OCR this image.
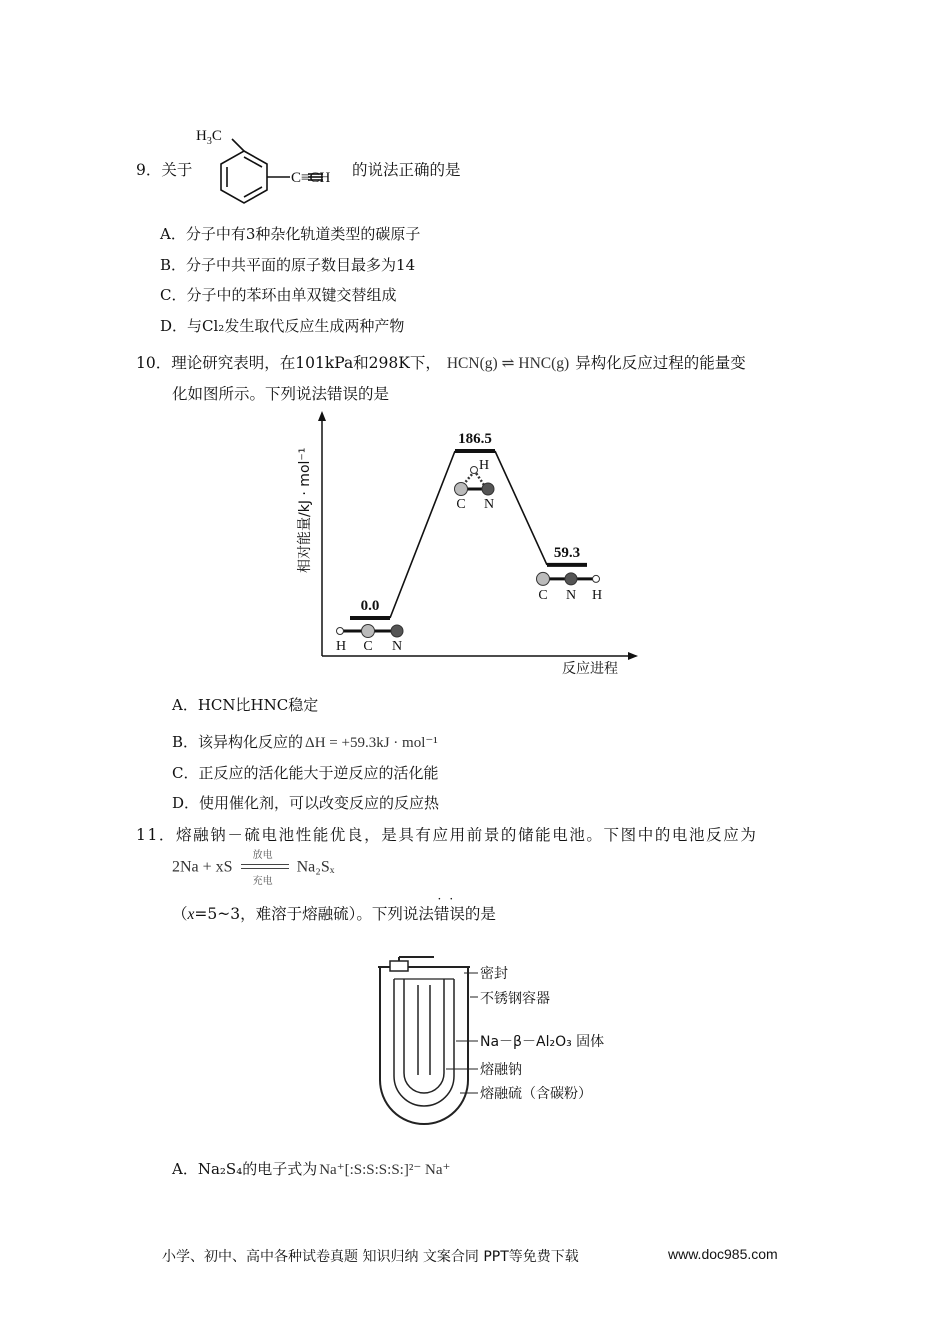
9．关于
$H_3C$
C≡CH 的说法正确的是
A．分子中有3种杂化轨道类型的碳原子
B．分子中共平面的原子数目最多为14
C．分子中的苯环由单双键交替组成
D．与Cl₂发生取代反应生成两种产物
10．理论研究表明，在101kPa和298K下， HCN(g) ⇌ HNC(g) 异构化反应过程的能量变
化如图所示。下列说法错误的是
相对能量/kJ · mol⁻¹
反应进程
0.0
186.5
59.3
H C N
H
C N
C N H
A．HCN比HNC稳定
B．该异构化反应的 ΔH = +59.3kJ · mol⁻¹
C．正反应的活化能大于逆反应的活化能
D．使用催化剂，可以改变反应的反应热
11．熔融钠－硫电池性能优良，是具有应用前景的储能电池。下图中的电池反应为
2Na + xS
放电
充电
Na₂Sₓ
（x=5~3，难溶于熔融硫）。下列说法
··
错误的是
密封
不锈钢容器
Na－β－Al₂O₃ 固体
熔融钠
熔融硫（含碳粉）
A．Na₂S₄的电子式为 Na⁺[:S:S:S:S:]²⁻ Na⁺
小学、初中、高中各种试卷真题 知识归纳 文案合同 PPT等免费下载	www.doc985.com
